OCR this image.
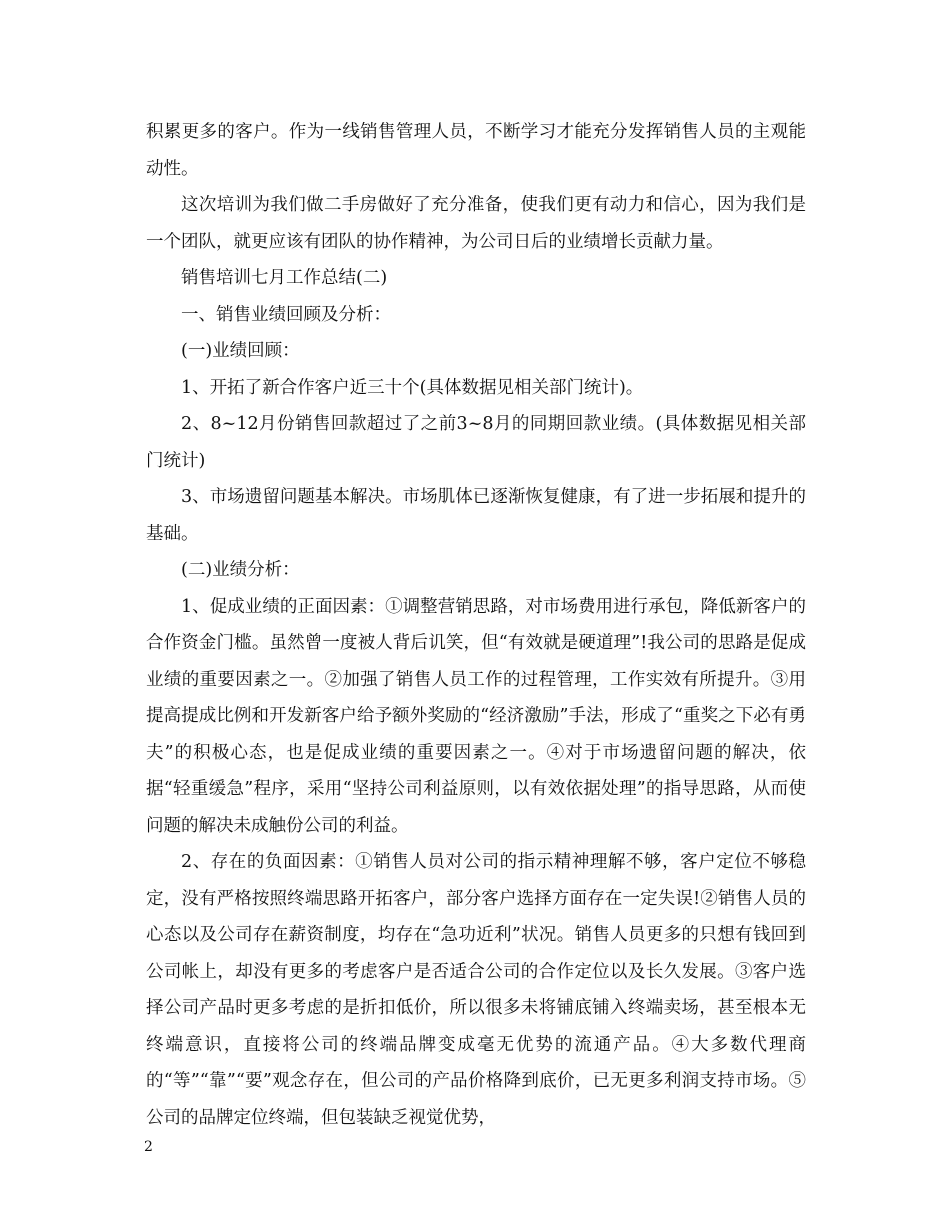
积累更多的客户。作为一线销售管理人员，不断学习才能充分发挥销售人员的主观能动性。

这次培训为我们做二手房做好了充分准备，使我们更有动力和信心，因为我们是一个团队，就更应该有团队的协作精神，为公司日后的业绩增长贡献力量。

销售培训七月工作总结(二)

一、销售业绩回顾及分析：

(一)业绩回顾：

1、开拓了新合作客户近三十个(具体数据见相关部门统计)。

2、8~12月份销售回款超过了之前3~8月的同期回款业绩。(具体数据见相关部门统计)

3、市场遗留问题基本解决。市场肌体已逐渐恢复健康，有了进一步拓展和提升的基础。

(二)业绩分析：

1、促成业绩的正面因素：①调整营销思路，对市场费用进行承包，降低新客户的合作资金门槛。虽然曾一度被人背后讥笑，但“有效就是硬道理”!我公司的思路是促成业绩的重要因素之一。②加强了销售人员工作的过程管理，工作实效有所提升。③用提高提成比例和开发新客户给予额外奖励的“经济激励”手法，形成了“重奖之下必有勇夫”的积极心态，也是促成业绩的重要因素之一。④对于市场遗留问题的解决，依据“轻重缓急”程序，采用“坚持公司利益原则，以有效依据处理”的指导思路，从而使问题的解决未成触份公司的利益。

2、存在的负面因素：①销售人员对公司的指示精神理解不够，客户定位不够稳定，没有严格按照终端思路开拓客户，部分客户选择方面存在一定失误!②销售人员的心态以及公司存在薪资制度，均存在“急功近利”状况。销售人员更多的只想有钱回到公司帐上，却没有更多的考虑客户是否适合公司的合作定位以及长久发展。③客户选择公司产品时更多考虑的是折扣低价，所以很多未将铺底铺入终端卖场，甚至根本无终端意识，直接将公司的终端品牌变成毫无优势的流通产品。④大多数代理商的“等”“靠”“要”观念存在，但公司的产品价格降到底价，已无更多利润支持市场。⑤公司的品牌定位终端，但包装缺乏视觉优势，

2
